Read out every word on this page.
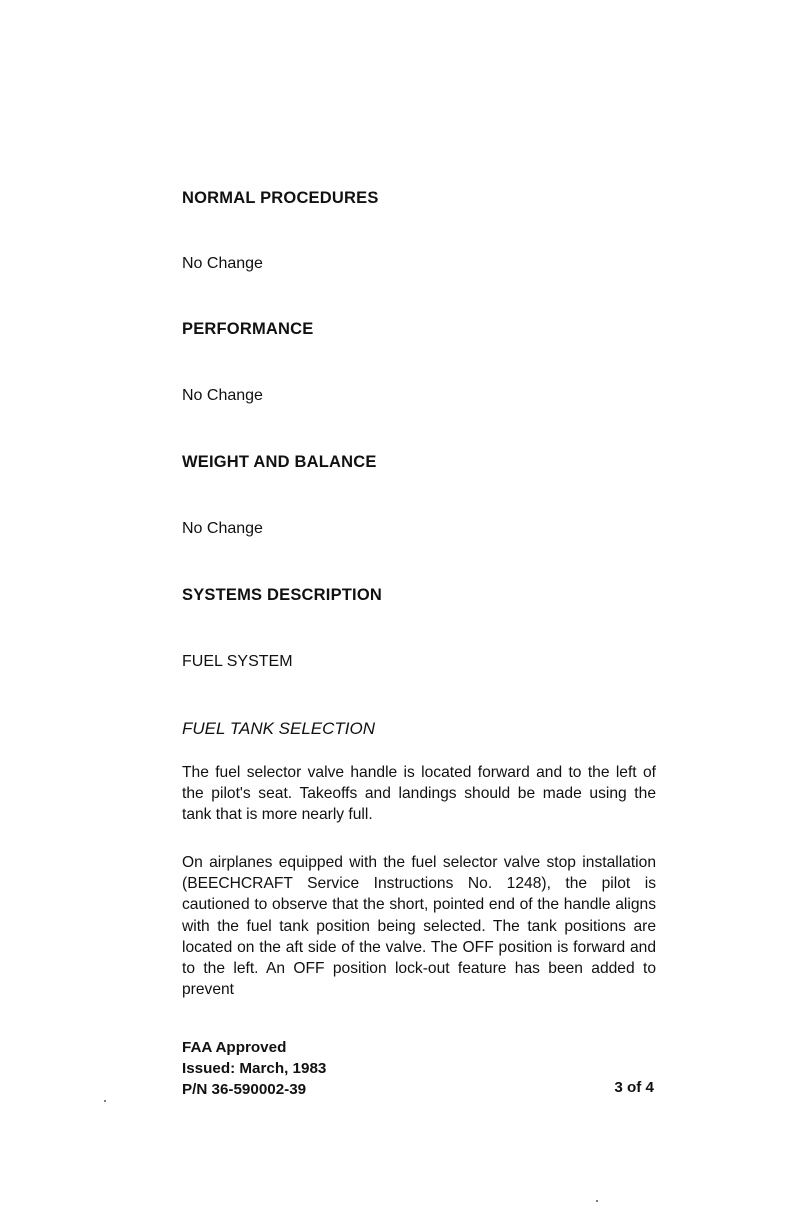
NORMAL PROCEDURES
No Change
PERFORMANCE
No Change
WEIGHT AND BALANCE
No Change
SYSTEMS DESCRIPTION
FUEL SYSTEM
FUEL TANK SELECTION
The fuel selector valve handle is located forward and to the left of the pilot's seat. Takeoffs and landings should be made using the tank that is more nearly full.
On airplanes equipped with the fuel selector valve stop installation (BEECHCRAFT Service Instructions No. 1248), the pilot is cautioned to observe that the short, pointed end of the handle aligns with the fuel tank position being selected. The tank positions are located on the aft side of the valve. The OFF position is forward and to the left. An OFF position lock-out feature has been added to prevent
FAA Approved
Issued: March, 1983
P/N 36-590002-39	3 of 4
